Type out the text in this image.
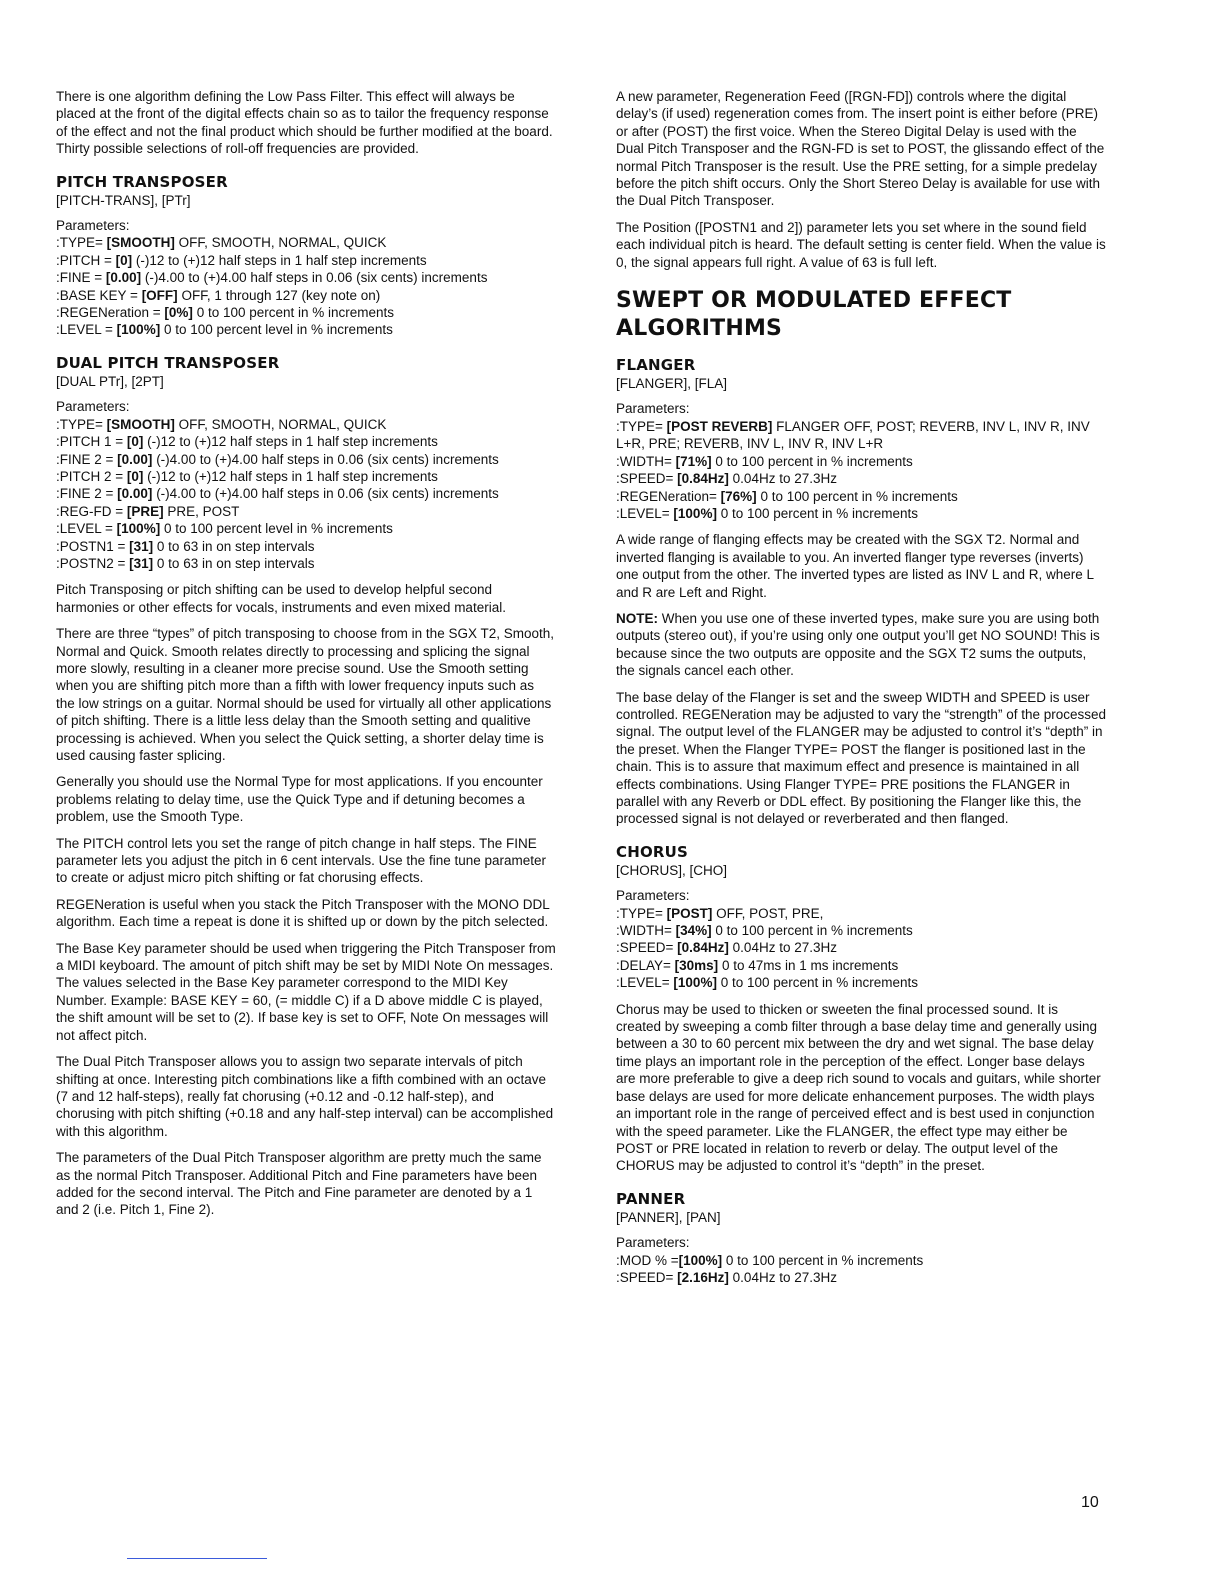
There is one algorithm defining the Low Pass Filter. This effect will always be placed at the front of the digital effects chain so as to tailor the frequency response of the effect and not the final product which should be further modified at the board. Thirty possible selections of roll-off frequencies are provided.

PITCH TRANSPOSER
[PITCH-TRANS], [PTr]
Parameters:
:TYPE= [SMOOTH] OFF, SMOOTH, NORMAL, QUICK
:PITCH = [0] (-)12 to (+)12 half steps in 1 half step increments
:FINE = [0.00] (-)4.00 to (+)4.00 half steps in 0.06 (six cents) increments
:BASE KEY = [OFF] OFF, 1 through 127 (key note on)
:REGENeration = [0%] 0 to 100 percent in % increments
:LEVEL = [100%] 0 to 100 percent level in % increments
DUAL PITCH TRANSPOSER
[DUAL PTr], [2PT]
Parameters:
:TYPE= [SMOOTH] OFF, SMOOTH, NORMAL, QUICK
:PITCH 1 = [0] (-)12 to (+)12 half steps in 1 half step increments
:FINE 2 = [0.00] (-)4.00 to (+)4.00 half steps in 0.06 (six cents) increments
:PITCH 2 = [0] (-)12 to (+)12 half steps in 1 half step increments
:FINE 2 = [0.00] (-)4.00 to (+)4.00 half steps in 0.06 (six cents) increments
:REG-FD = [PRE] PRE, POST
:LEVEL = [100%] 0 to 100 percent level in % increments
:POSTN1 = [31] 0 to 63 in on step intervals
:POSTN2 = [31] 0 to 63 in on step intervals

Pitch Transposing or pitch shifting can be used to develop helpful second harmonies or other effects for vocals, instruments and even mixed material.

There are three “types” of pitch transposing to choose from in the SGX T2, Smooth, Normal and Quick. Smooth relates directly to processing and splicing the signal more slowly, resulting in a cleaner more precise sound. Use the Smooth setting when you are shifting pitch more than a fifth with lower frequency inputs such as the low strings on a guitar. Normal should be used for virtually all other applications of pitch shifting. There is a little less delay than the Smooth setting and qualitive processing is achieved. When you select the Quick setting, a shorter delay time is used causing faster splicing.

Generally you should use the Normal Type for most applications. If you encounter problems relating to delay time, use the Quick Type and if detuning becomes a problem, use the Smooth Type.

The PITCH control lets you set the range of pitch change in half steps. The FINE parameter lets you adjust the pitch in 6 cent intervals. Use the fine tune parameter to create or adjust micro pitch shifting or fat chorusing effects.

REGENeration is useful when you stack the Pitch Transposer with the MONO DDL algorithm. Each time a repeat is done it is shifted up or down by the pitch selected.

The Base Key parameter should be used when triggering the Pitch Transposer from a MIDI keyboard. The amount of pitch shift may be set by MIDI Note On messages. The values selected in the Base Key parameter correspond to the MIDI Key Number. Example: BASE KEY = 60, (= middle C) if a D above middle C is played, the shift amount will be set to (2). If base key is set to OFF, Note On messages will not affect pitch.

The Dual Pitch Transposer allows you to assign two separate intervals of pitch shifting at once. Interesting pitch combinations like a fifth combined with an octave (7 and 12 half-steps), really fat chorusing (+0.12 and -0.12 half-step), and chorusing with pitch shifting (+0.18 and any half-step interval) can be accomplished with this algorithm.

The parameters of the Dual Pitch Transposer algorithm are pretty much the same as the normal Pitch Transposer. Additional Pitch and Fine parameters have been added for the second interval. The Pitch and Fine parameter are denoted by a 1 and 2 (i.e. Pitch 1, Fine 2).

A new parameter, Regeneration Feed ([RGN-FD]) controls where the digital delay’s (if used) regeneration comes from. The insert point is either before (PRE) or after (POST) the first voice. When the Stereo Digital Delay is used with the Dual Pitch Transposer and the RGN-FD is set to POST, the glissando effect of the normal Pitch Transposer is the result. Use the PRE setting, for a simple predelay before the pitch shift occurs. Only the Short Stereo Delay is available for use with the Dual Pitch Transposer.

The Position ([POSTN1 and 2]) parameter lets you set where in the sound field each individual pitch is heard. The default setting is center field. When the value is 0, the signal appears full right. A value of 63 is full left.

SWEPT OR MODULATED EFFECT ALGORITHMS
FLANGER
[FLANGER], [FLA]
Parameters:
:TYPE= [POST REVERB] FLANGER OFF, POST; REVERB, INV L, INV R, INV L+R, PRE; REVERB, INV L, INV R, INV L+R
:WIDTH= [71%] 0 to 100 percent in % increments
:SPEED= [0.84Hz] 0.04Hz to 27.3Hz
:REGENeration= [76%] 0 to 100 percent in % increments
:LEVEL= [100%] 0 to 100 percent in % increments

A wide range of flanging effects may be created with the SGX T2. Normal and inverted flanging is available to you. An inverted flanger type reverses (inverts) one output from the other. The inverted types are listed as INV L and R, where L and R are Left and Right.

NOTE: When you use one of these inverted types, make sure you are using both outputs (stereo out), if you’re using only one output you’ll get NO SOUND! This is because since the two outputs are opposite and the SGX T2 sums the outputs, the signals cancel each other.

The base delay of the Flanger is set and the sweep WIDTH and SPEED is user controlled. REGENeration may be adjusted to vary the “strength” of the processed signal. The output level of the FLANGER may be adjusted to control it’s “depth” in the preset. When the Flanger TYPE= POST the flanger is positioned last in the chain. This is to assure that maximum effect and presence is maintained in all effects combinations. Using Flanger TYPE= PRE positions the FLANGER in parallel with any Reverb or DDL effect. By positioning the Flanger like this, the processed signal is not delayed or reverberated and then flanged.

CHORUS
[CHORUS], [CHO]
Parameters:
:TYPE= [POST] OFF, POST, PRE,
:WIDTH= [34%] 0 to 100 percent in % increments
:SPEED= [0.84Hz] 0.04Hz to 27.3Hz
:DELAY= [30ms] 0 to 47ms in 1 ms increments
:LEVEL= [100%] 0 to 100 percent in % increments

Chorus may be used to thicken or sweeten the final processed sound. It is created by sweeping a comb filter through a base delay time and generally using between a 30 to 60 percent mix between the dry and wet signal. The base delay time plays an important role in the perception of the effect. Longer base delays are more preferable to give a deep rich sound to vocals and guitars, while shorter base delays are used for more delicate enhancement purposes. The width plays an important role in the range of perceived effect and is best used in conjunction with the speed parameter. Like the FLANGER, the effect type may either be POST or PRE located in relation to reverb or delay. The output level of the CHORUS may be adjusted to control it’s “depth” in the preset.

PANNER
[PANNER], [PAN]
Parameters:
:MOD % =[100%] 0 to 100 percent in % increments
:SPEED= [2.16Hz] 0.04Hz to 27.3Hz
10
